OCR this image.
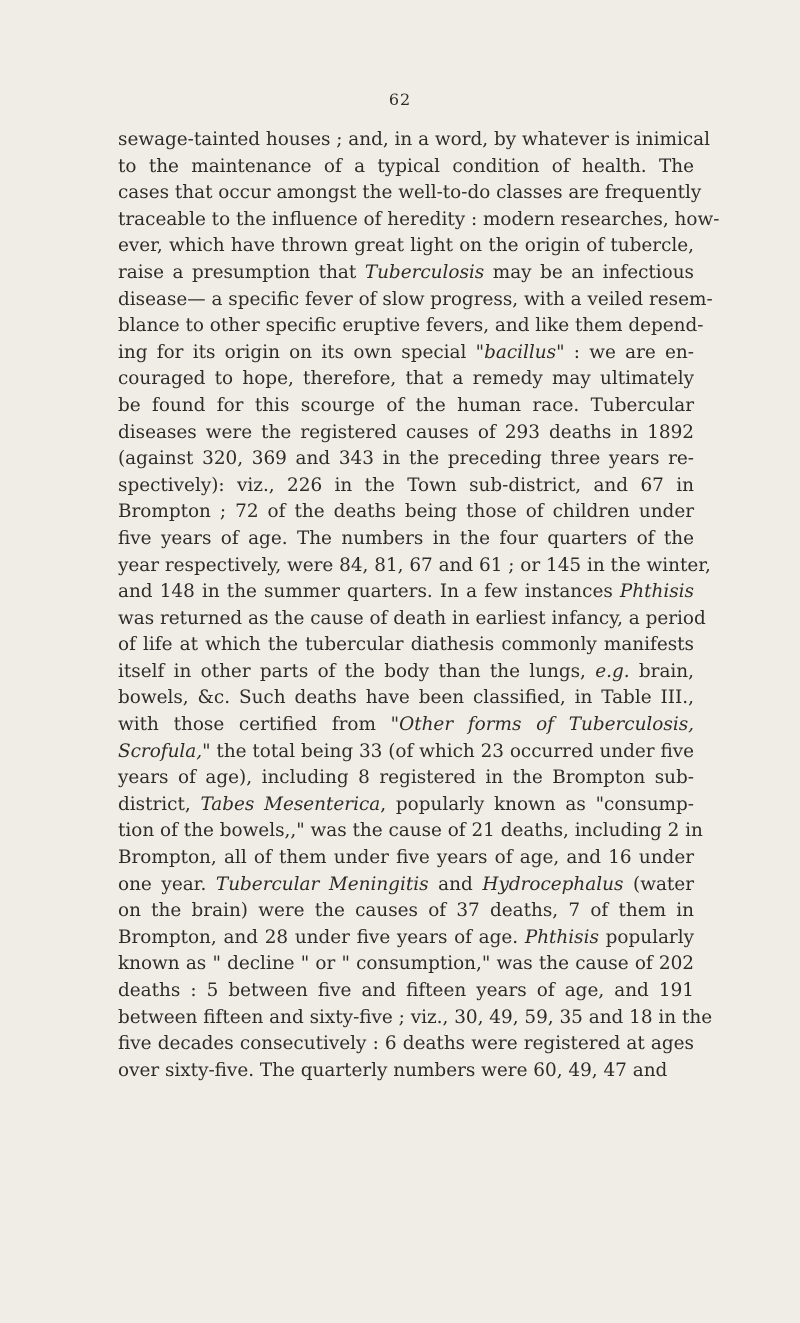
62
sewage-tainted houses ; and, in a word, by whatever is inimical
to the maintenance of a typical condition of health. The
cases that occur amongst the well-to-do classes are frequently
traceable to the influence of heredity : modern researches, how-
ever, which have thrown great light on the origin of tubercle,
raise a presumption that Tuberculosis may be an infectious
disease— a specific fever of slow progress, with a veiled resem-
blance to other specific eruptive fevers, and like them depend-
ing for its origin on its own special "bacillus" : we are en-
couraged to hope, therefore, that a remedy may ultimately
be found for this scourge of the human race. Tubercular
diseases were the registered causes of 293 deaths in 1892
(against 320, 369 and 343 in the preceding three years re-
spectively): viz., 226 in the Town sub-district, and 67 in
Brompton ; 72 of the deaths being those of children under
five years of age. The numbers in the four quarters of the
year respectively, were 84, 81, 67 and 61 ; or 145 in the winter,
and 148 in the summer quarters. In a few instances Phthisis
was returned as the cause of death in earliest infancy, a period
of life at which the tubercular diathesis commonly manifests
itself in other parts of the body than the lungs, e.g. brain,
bowels, &c. Such deaths have been classified, in Table III.,
with those certified from "Other forms of Tuberculosis,
Scrofula," the total being 33 (of which 23 occurred under five
years of age), including 8 registered in the Brompton sub-
district, Tabes Mesenterica, popularly known as "consump-
tion of the bowels,," was the cause of 21 deaths, including 2 in
Brompton, all of them under five years of age, and 16 under
one year. Tubercular Meningitis and Hydrocephalus (water
on the brain) were the causes of 37 deaths, 7 of them in
Brompton, and 28 under five years of age. Phthisis popularly
known as " decline " or " consumption," was the cause of 202
deaths : 5 between five and fifteen years of age, and 191
between fifteen and sixty-five ; viz., 30, 49, 59, 35 and 18 in the
five decades consecutively : 6 deaths were registered at ages
over sixty-five. The quarterly numbers were 60, 49, 47 and
